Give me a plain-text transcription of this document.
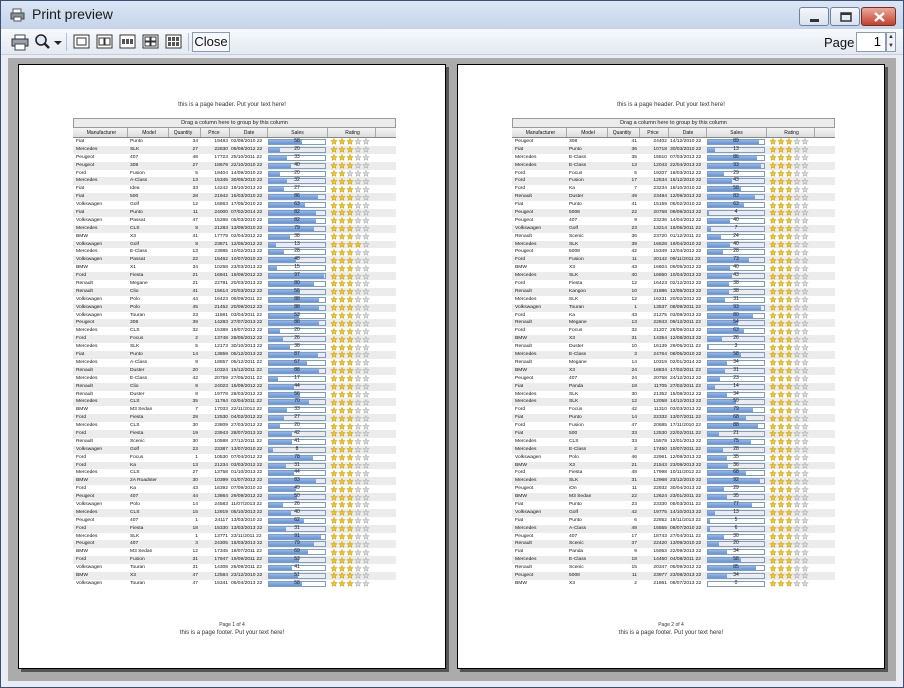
Print preview
Close	Page	1	▲
▼
this is a page header. Put your text here!
Drag a column here to group by this column
Manufacturer	Model	Quantity	Price	Date	Sales	Rating
Fiat	Punto	34	19483 02/08/2010 22	58
Mercedes	SLK	27	22830 09/08/2012 22	20
Peugeot	407	48	17723 25/10/2011 22	33
Peugeot	308	27	18679 22/10/2010 22	40
Ford	Fusion	5	19404 14/09/2010 22	20
Mercedes	A-Class	13	15345 30/05/2010 22	32
Fiat	Idea	33	14242 19/10/2013 22	27
Fiat	500	28	21942 15/03/2010 22	86
Volkswagen	Golf	12	16863 17/05/2010 22	63
Fiat	Punto	11	24000 07/02/2014 22	82
Volkswagen	Passat	47	15288 05/03/2010 22	82
Mercedes	CLS	8	21283 13/09/2010 22	79
BMW	X3	41	17779 02/04/2012 22	38
Volkswagen	Golf	8	23871 12/05/2012 22	13
Mercedes	E-Class	13	23885 10/02/2013 22	28
Volkswagen	Passat	22	15462 10/07/2010 22	48
BMW	X1	34	10258 23/03/2013 22	15
Ford	Fiesta	21	16941 19/09/2012 22	97
Renault	Megane	21	22781 20/03/2013 22	80
Renault	Clio	41	15614 20/03/2012 22	56
Volkswagen	Polo	44	16423 09/09/2011 22	88
Volkswagen	Polo	45	21452 20/09/2012 22	88
Volkswagen	Touran	23	11581 03/04/2011 22	53
Peugeot	308	39	14283 27/07/2013 22	88
Mercedes	CLS	32	15389 19/07/2012 22	20
Ford	Focus	2	13748 28/05/2012 22	26
Mercedes	SLK	5	12173 30/10/2013 22	38
Fiat	Punto	14	13859 05/12/2013 22	87
Mercedes	A-Class	8	18857 05/12/2011 22	67
Renault	Duster	20	10324 15/12/2011 22	88
Mercedes	E-Class	42	20759 27/05/2011 22	17
Renault	Clio	9	24023 15/09/2012 22	44
Renault	Duster	8	19778 28/03/2012 22	56
Mercedes	CLS	35	11784 02/04/2011 22	70
BMW	M3 Sedan	7	17033 22/11/2012 22	33
Ford	Fiesta	28	12530 04/02/2012 22	27
Mercedes	CLS	30	23809 27/03/2012 22	20
Ford	Fiesta	19	23943 28/07/2013 22	42
Renault	Scenic	30	10588 27/12/2011 22	41
Volkswagen	Golf	23	23387 13/07/2010 22	8
Ford	Focus	1	10530 07/04/2012 22	78
Ford	Ka	13	21234 03/03/2012 22	31
Mercedes	CLS	27	13758 01/10/2013 22	44
BMW	2A Roadster	30	10399 01/07/2012 22	83
Ford	Ka	43	16392 07/09/2010 22	49
Peugeot	407	44	13864 29/09/2012 22	50
Volkswagen	Polo	14	24583 11/07/2013 22	26
Mercedes	CLS	15	12919 05/10/2013 22	40
Peugeot	407	1	24117 13/03/2010 22	62
Ford	Fiesta	18	15330 13/03/2013 22	31
Mercedes	SLK	1	13771 23/11/2011 22	91
Peugeot	407	3	24305 15/03/2013 22	79
BMW	M3 Sedan	12	17345 18/07/2011 22	69
Ford	Fusion	31	17947 19/09/2011 22	53
Volkswagen	Touran	31	14308 26/09/2011 22	41
BMW	X3	47	12584 23/12/2010 22	51
Volkswagen	Touran	47	15341 05/04/2013 22	58
Page 1 of 4
this is a page footer. Put your text here!
this is a page header. Put your text here!
Drag a column here to group by this column
Manufacturer	Model	Quantity	Price	Date	Sales	Rating
Peugeot	308	41	24402 14/12/2010 22	89
Fiat	Punto	36	10718 30/03/2010 22	13
Mercedes	E-Class	35	15510 07/03/2013 22	86
Mercedes	E-Class	13	12043 22/04/2013 22	93
Ford	Focus	5	19207 18/03/2012 22	29
Ford	Fusion	17	12534 16/12/2010 22	43
Ford	Ka	7	23234 18/10/2010 22	58
Renault	Duster	49	23484 12/09/2013 22	83
Fiat	Punto	41	15159 05/02/2010 22	63
Peugeot	5008	22	20758 09/09/2013 22	4
Peugeot	407	9	23236 14/04/2012 22	40
Volkswagen	Golf	23	13214 15/05/2011 22	7
Renault	Scenic	36	23720 01/12/2011 22	24
Mercedes	SLK	39	16628 19/04/2010 22	40
Peugeot	5008	42	15349 12/04/2012 22	28
Ford	Fusion	11	20142 09/11/2011 22	73
BMW	X3	43	16604 09/05/2012 22	40
Mercedes	SLK	40	16650 10/04/2013 22	43
Ford	Fiesta	12	16423 02/12/2012 22	38
Renault	Kangoo	10	21886 12/05/2013 22	38
Mercedes	SLK	12	16231 20/02/2012 22	31
Volkswagen	Touran	1	13537 08/09/2011 22	93
Ford	Ka	43	21275 03/08/2013 22	80
Renault	Megane	13	22843 09/12/2011 22	54
Ford	Focus	32	21207 28/09/2013 22	63
BMW	X3	31	14354 12/08/2013 22	26
Renault	Duster	10	16139 29/05/2011 22	3
Mercedes	E-Class	3	24764 08/05/2010 22	58
Renault	Megane	14	10319 02/01/2014 22	34
BMW	X3	24	16834 17/02/2011 22	31
Peugeot	407	24	20758 24/12/2012 22	23
Fiat	Panda	18	11705 27/02/2011 22	14
Mercedes	SLK	30	21352 15/08/2012 22	34
Mercedes	SLK	12	12058 14/12/2013 22	50
Ford	Focus	42	11310 03/03/2013 22	79
Fiat	Punto	14	22332 13/07/2011 22	68
Ford	Fusion	47	20685 17/11/2010 22	88
Fiat	500	33	12530 22/02/2011 22	21
Mercedes	CLS	33	15578 12/01/2013 22	75
Mercedes	E-Class	2	17450 10/07/2011 22	28
Volkswagen	Polo	46	22961 12/08/2013 22	35
BMW	X3	21	21543 23/08/2013 22	36
Ford	Fiesta	48	17998 10/11/2012 22	68
Mercedes	SLK	31	12968 23/12/2010 22	92
Peugeot	iOn	11	22932 30/04/2013 22	29
BMW	M3 Sedan	22	12624 23/01/2011 22	35
Fiat	Punto	23	23330 05/03/2011 22	77
Volkswagen	Golf	42	19775 14/10/2013 22	13
Fiat	Punto	6	22852 19/11/2013 22	5
Mercedes	A-Class	48	15555 08/07/2010 22	6
Peugeot	407	17	18743 27/04/2011 22	30
Renault	Scenic	37	22420 13/09/2010 22	20
Fiat	Panda	9	15953 22/09/2013 22	34
Mercedes	E-Class	18	14450 04/08/2011 22	58
Renault	Scenic	15	20347 05/09/2012 22	85
Peugeot	5008	11	23977 23/08/2013 22	34
BMW	X3	2	21861 08/07/2013 22	0
Page 2 of 4
this is a page footer. Put your text here!
